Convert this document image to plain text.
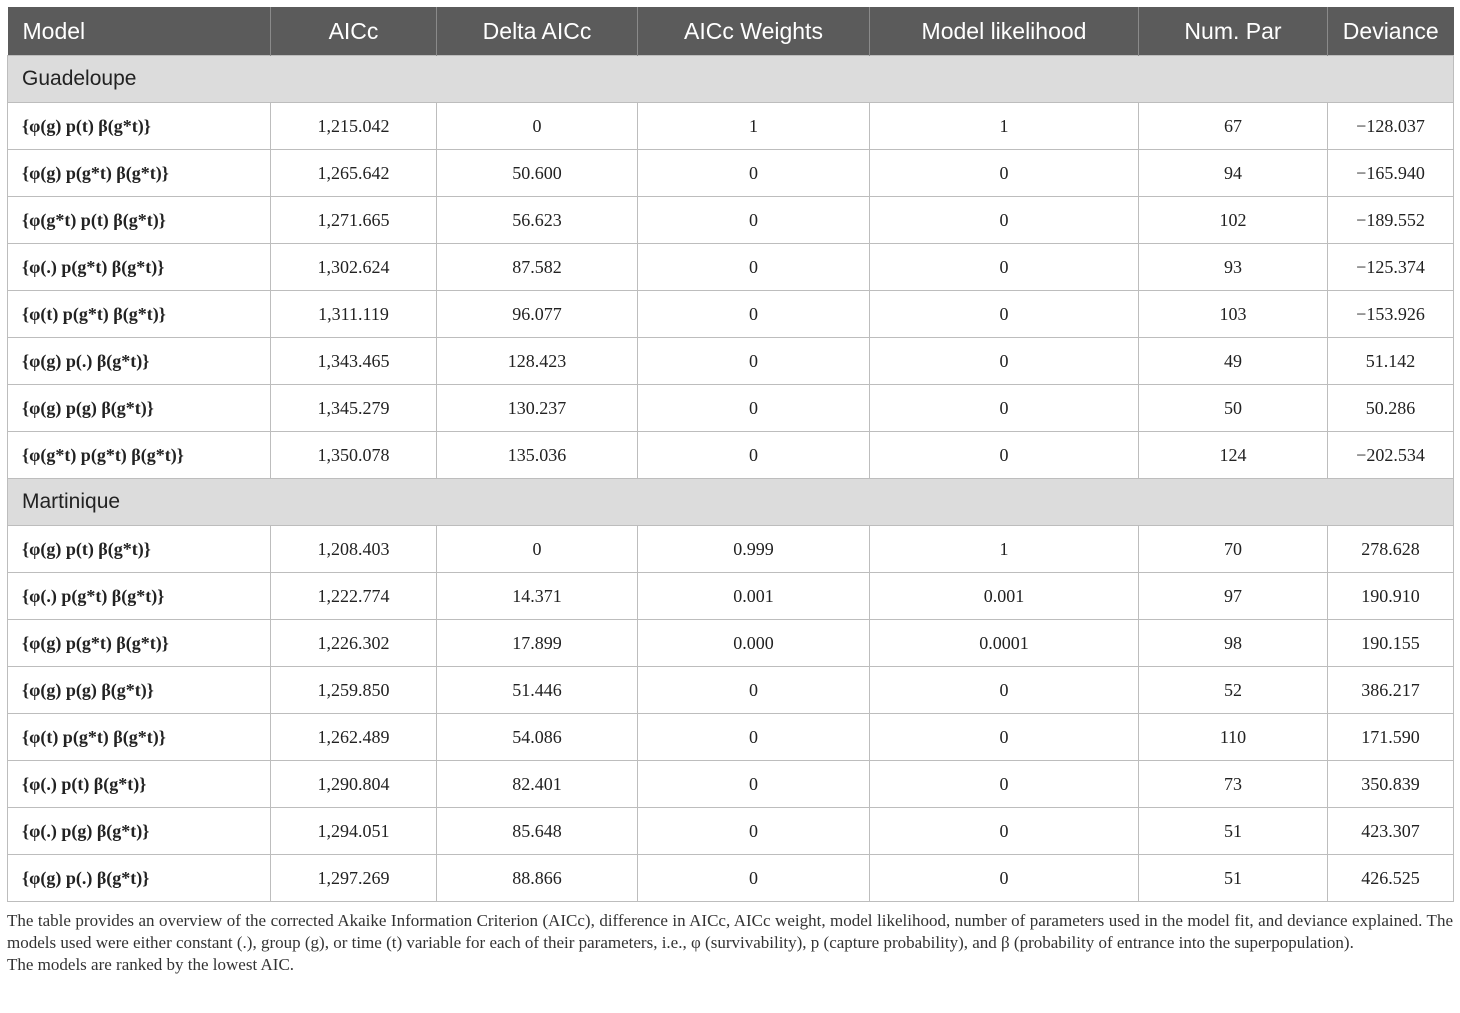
Model	AICc	Delta AICc	AICc Weights	Model likelihood	Num. Par	Deviance
Guadeloupe						
{φ(g) p(t) β(g*t)}	1,215.042	0	1	1	67	−128.037
{φ(g) p(g*t) β(g*t)}	1,265.642	50.600	0	0	94	−165.940
{φ(g*t) p(t) β(g*t)}	1,271.665	56.623	0	0	102	−189.552
{φ(.) p(g*t) β(g*t)}	1,302.624	87.582	0	0	93	−125.374
{φ(t) p(g*t) β(g*t)}	1,311.119	96.077	0	0	103	−153.926
{φ(g) p(.) β(g*t)}	1,343.465	128.423	0	0	49	51.142
{φ(g) p(g) β(g*t)}	1,345.279	130.237	0	0	50	50.286
{φ(g*t) p(g*t) β(g*t)}	1,350.078	135.036	0	0	124	−202.534
Martinique						
{φ(g) p(t) β(g*t)}	1,208.403	0	0.999	1	70	278.628
{φ(.) p(g*t) β(g*t)}	1,222.774	14.371	0.001	0.001	97	190.910
{φ(g) p(g*t) β(g*t)}	1,226.302	17.899	0.000	0.0001	98	190.155
{φ(g) p(g) β(g*t)}	1,259.850	51.446	0	0	52	386.217
{φ(t) p(g*t) β(g*t)}	1,262.489	54.086	0	0	110	171.590
{φ(.) p(t) β(g*t)}	1,290.804	82.401	0	0	73	350.839
{φ(.) p(g) β(g*t)}	1,294.051	85.648	0	0	51	423.307
{φ(g) p(.) β(g*t)}	1,297.269	88.866	0	0	51	426.525

The table provides an overview of the corrected Akaike Information Criterion (AICc), difference in AICc, AICc weight, model likelihood, number of parameters used in the model fit, and deviance explained. The models used were either constant (.), group (g), or time (t) variable for each of their parameters, i.e., φ (survivability), p (capture probability), and β (probability of entrance into the superpopulation).

The models are ranked by the lowest AIC.
